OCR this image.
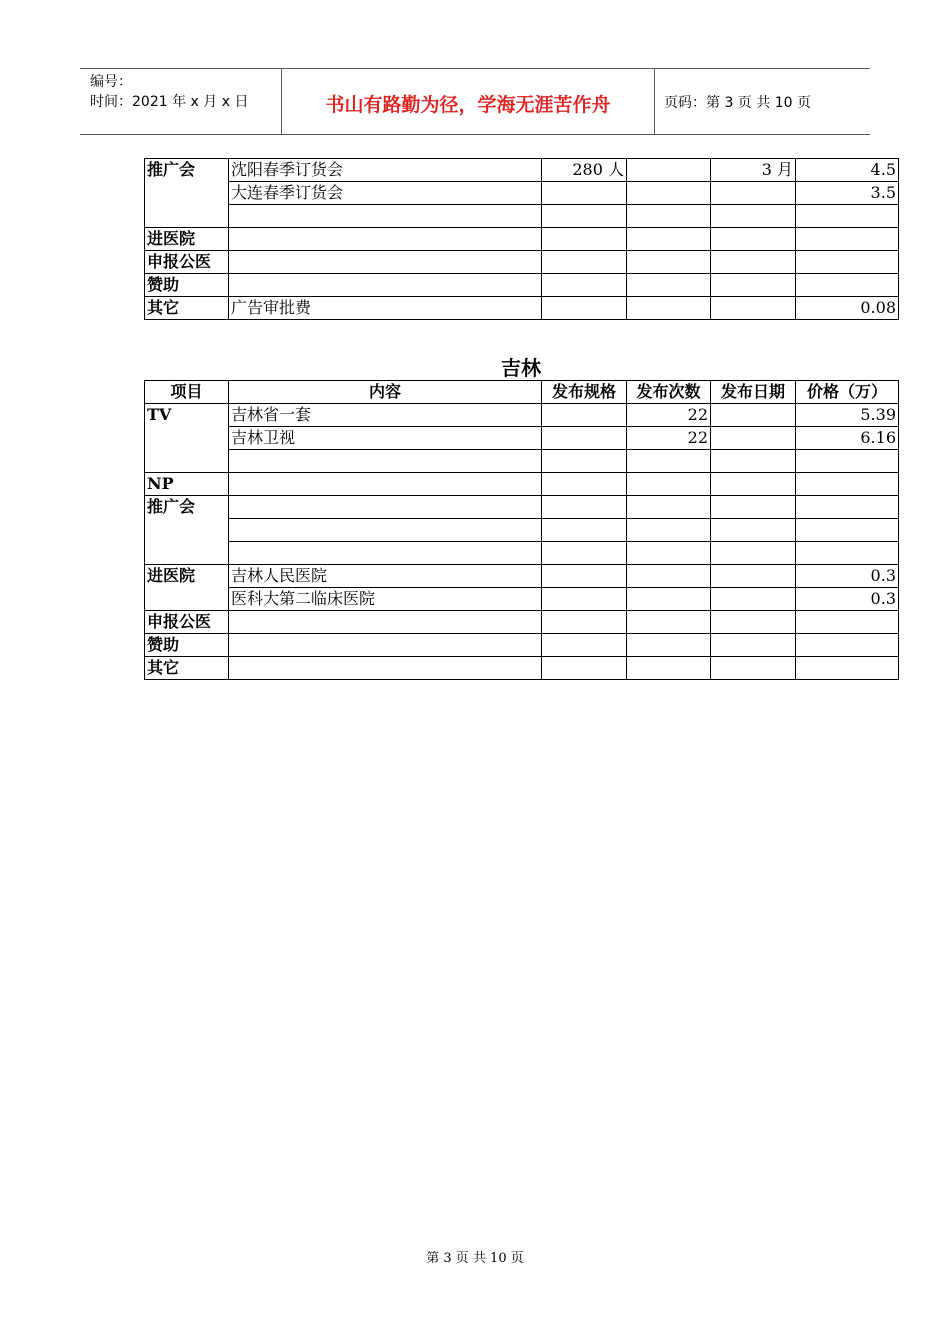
编号：
时间：2021 年 x 月 x 日	书山有路勤为径，学海无涯苦作舟	页码：第 3 页 共 10 页
推广会	沈阳春季订货会	280 人		3 月	4.5
	大连春季订货会				3.5

进医院					
申报公医					
赞助					
其它	广告审批费				0.08
吉林
项目	内容	发布规格	发布次数	发布日期	价格（万）
TV	吉林省一套		22		5.39
	吉林卫视		22		6.16

NP					
推广会					

进医院	吉林人民医院				0.3
	医科大第二临床医院				0.3
申报公医					
赞助					
其它					
第 3 页 共 10 页
